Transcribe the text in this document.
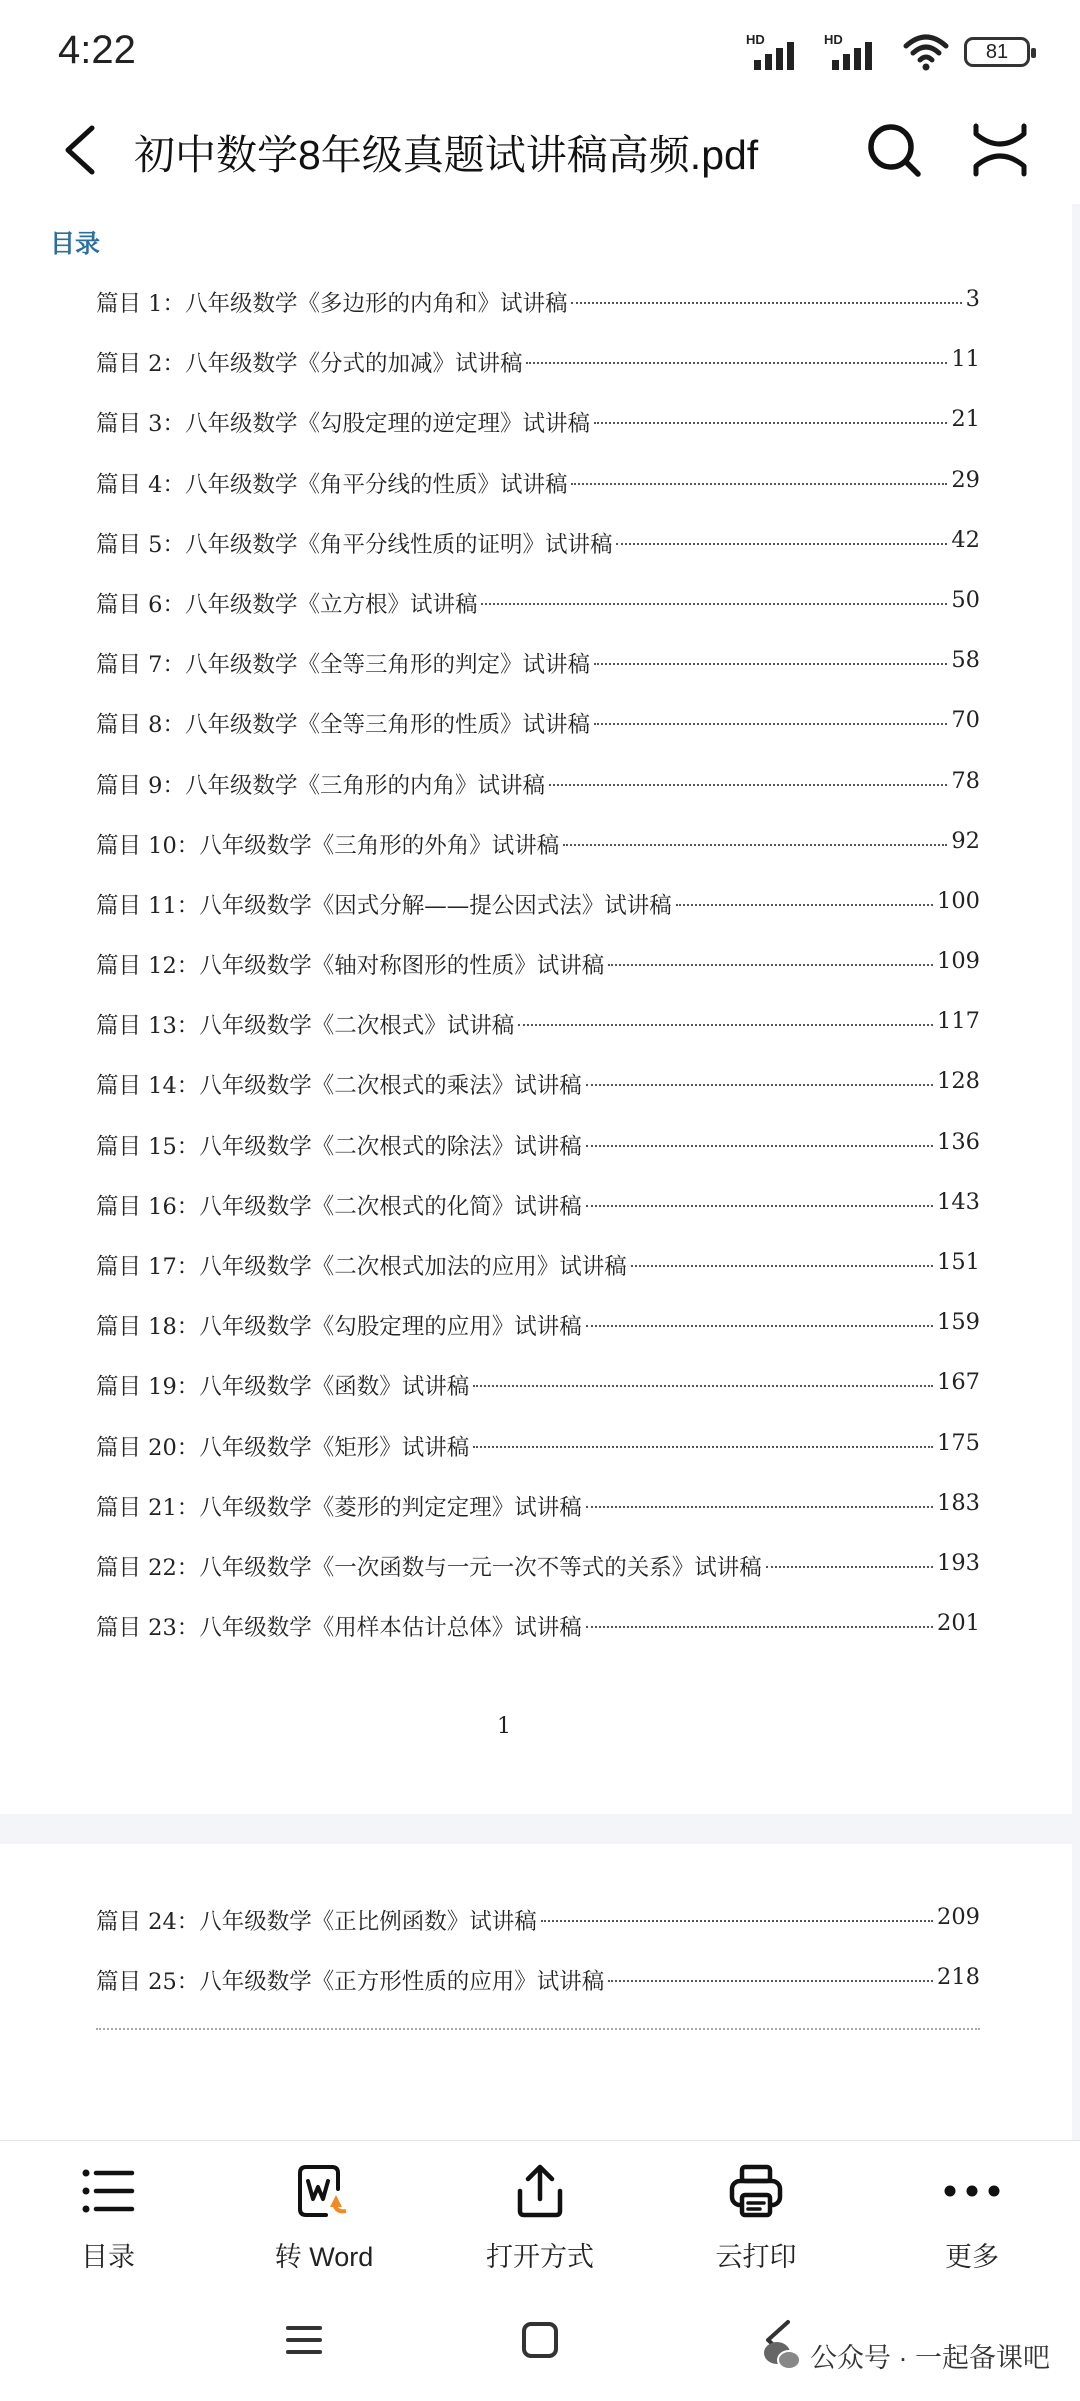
4:22	HD	HD
81
初中数学8年级真题试讲稿高频.pdf
目录
篇目 1：八年级数学《多边形的内角和》试讲稿	3
篇目 2：八年级数学《分式的加减》试讲稿	11
篇目 3：八年级数学《勾股定理的逆定理》试讲稿	21
篇目 4：八年级数学《角平分线的性质》试讲稿	29
篇目 5：八年级数学《角平分线性质的证明》试讲稿	42
篇目 6：八年级数学《立方根》试讲稿	50
篇目 7：八年级数学《全等三角形的判定》试讲稿	58
篇目 8：八年级数学《全等三角形的性质》试讲稿	70
篇目 9：八年级数学《三角形的内角》试讲稿	78
篇目 10：八年级数学《三角形的外角》试讲稿	92
篇目 11：八年级数学《因式分解——提公因式法》试讲稿	100
篇目 12：八年级数学《轴对称图形的性质》试讲稿	109
篇目 13：八年级数学《二次根式》试讲稿	117
篇目 14：八年级数学《二次根式的乘法》试讲稿	128
篇目 15：八年级数学《二次根式的除法》试讲稿	136
篇目 16：八年级数学《二次根式的化简》试讲稿	143
篇目 17：八年级数学《二次根式加法的应用》试讲稿	151
篇目 18：八年级数学《勾股定理的应用》试讲稿	159
篇目 19：八年级数学《函数》试讲稿	167
篇目 20：八年级数学《矩形》试讲稿	175
篇目 21：八年级数学《菱形的判定定理》试讲稿	183
篇目 22：八年级数学《一次函数与一元一次不等式的关系》试讲稿	193
篇目 23：八年级数学《用样本估计总体》试讲稿	201
1
篇目 24：八年级数学《正比例函数》试讲稿	209
篇目 25：八年级数学《正方形性质的应用》试讲稿	218
目录	转 Word	打开方式	云打印	更多
公众号 · 一起备课吧
